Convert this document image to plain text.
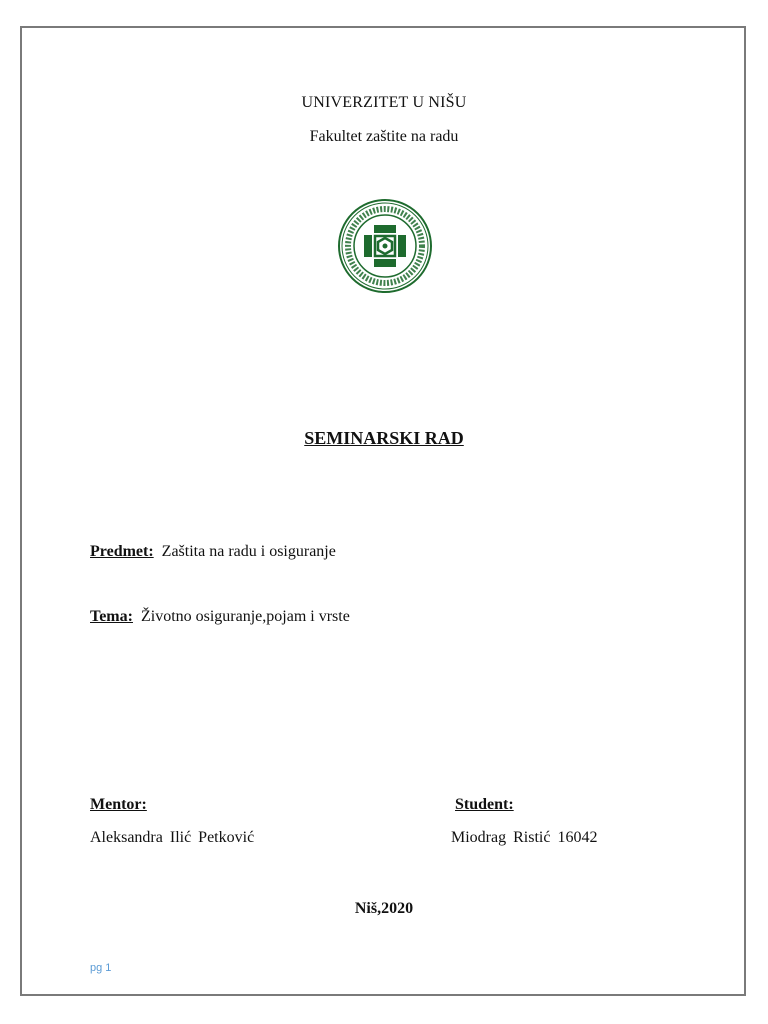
UNIVERZITET U NIŠU
Fakultet zaštite na radu
SEMINARSKI RAD
Predmet: Zaštita na radu i osiguranje
Tema: Životno osiguranje,pojam i vrste
Mentor:
Aleksandra Ilić Petković
Student:
Miodrag Ristić 16042
Niš,2020
pg 1
